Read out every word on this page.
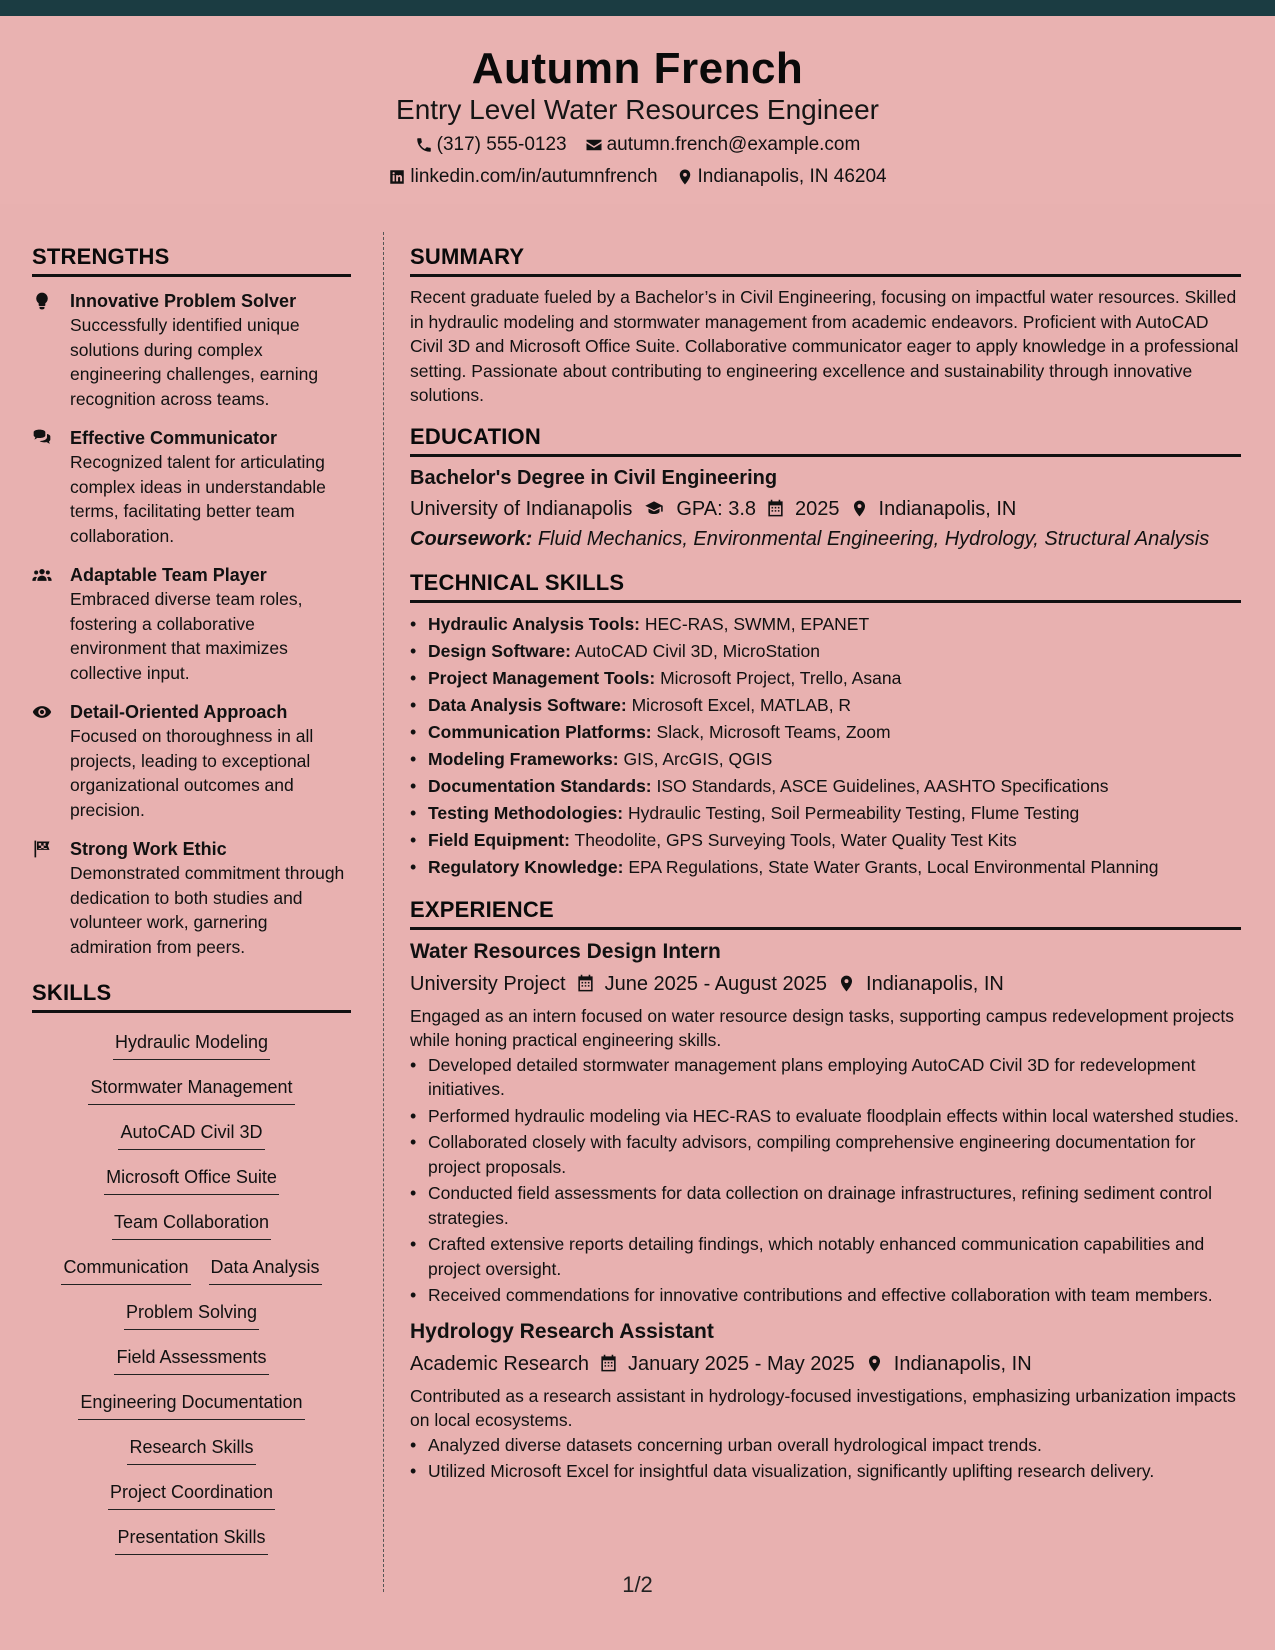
Autumn French
Entry Level Water Resources Engineer
(317) 555-0123 autumn.french@example.com
linkedin.com/in/autumnfrench Indianapolis, IN 46204
STRENGTHS
Innovative Problem Solver
Successfully identified unique solutions during complex engineering challenges, earning recognition across teams.
Effective Communicator
Recognized talent for articulating complex ideas in understandable terms, facilitating better team collaboration.
Adaptable Team Player
Embraced diverse team roles, fostering a collaborative environment that maximizes collective input.
Detail-Oriented Approach
Focused on thoroughness in all projects, leading to exceptional organizational outcomes and precision.
Strong Work Ethic
Demonstrated commitment through dedication to both studies and volunteer work, garnering admiration from peers.
SKILLS
Hydraulic Modeling
Stormwater Management
AutoCAD Civil 3D
Microsoft Office Suite
Team Collaboration
Communication Data Analysis
Problem Solving
Field Assessments
Engineering Documentation
Research Skills
Project Coordination
Presentation Skills
SUMMARY
Recent graduate fueled by a Bachelor’s in Civil Engineering, focusing on impactful water resources. Skilled in hydraulic modeling and stormwater management from academic endeavors. Proficient with AutoCAD Civil 3D and Microsoft Office Suite. Collaborative communicator eager to apply knowledge in a professional setting. Passionate about contributing to engineering excellence and sustainability through innovative solutions.
EDUCATION
Bachelor's Degree in Civil Engineering
University of Indianapolis GPA: 3.8 2025 Indianapolis, IN
Coursework: Fluid Mechanics, Environmental Engineering, Hydrology, Structural Analysis
TECHNICAL SKILLS
• Hydraulic Analysis Tools: HEC-RAS, SWMM, EPANET
• Design Software: AutoCAD Civil 3D, MicroStation
• Project Management Tools: Microsoft Project, Trello, Asana
• Data Analysis Software: Microsoft Excel, MATLAB, R
• Communication Platforms: Slack, Microsoft Teams, Zoom
• Modeling Frameworks: GIS, ArcGIS, QGIS
• Documentation Standards: ISO Standards, ASCE Guidelines, AASHTO Specifications
• Testing Methodologies: Hydraulic Testing, Soil Permeability Testing, Flume Testing
• Field Equipment: Theodolite, GPS Surveying Tools, Water Quality Test Kits
• Regulatory Knowledge: EPA Regulations, State Water Grants, Local Environmental Planning
EXPERIENCE
Water Resources Design Intern
University Project June 2025 - August 2025 Indianapolis, IN
Engaged as an intern focused on water resource design tasks, supporting campus redevelopment projects while honing practical engineering skills.
• Developed detailed stormwater management plans employing AutoCAD Civil 3D for redevelopment initiatives.
• Performed hydraulic modeling via HEC-RAS to evaluate floodplain effects within local watershed studies.
• Collaborated closely with faculty advisors, compiling comprehensive engineering documentation for project proposals.
• Conducted field assessments for data collection on drainage infrastructures, refining sediment control strategies.
• Crafted extensive reports detailing findings, which notably enhanced communication capabilities and project oversight.
• Received commendations for innovative contributions and effective collaboration with team members.
Hydrology Research Assistant
Academic Research January 2025 - May 2025 Indianapolis, IN
Contributed as a research assistant in hydrology-focused investigations, emphasizing urbanization impacts on local ecosystems.
• Analyzed diverse datasets concerning urban overall hydrological impact trends.
• Utilized Microsoft Excel for insightful data visualization, significantly uplifting research delivery.
1/2
